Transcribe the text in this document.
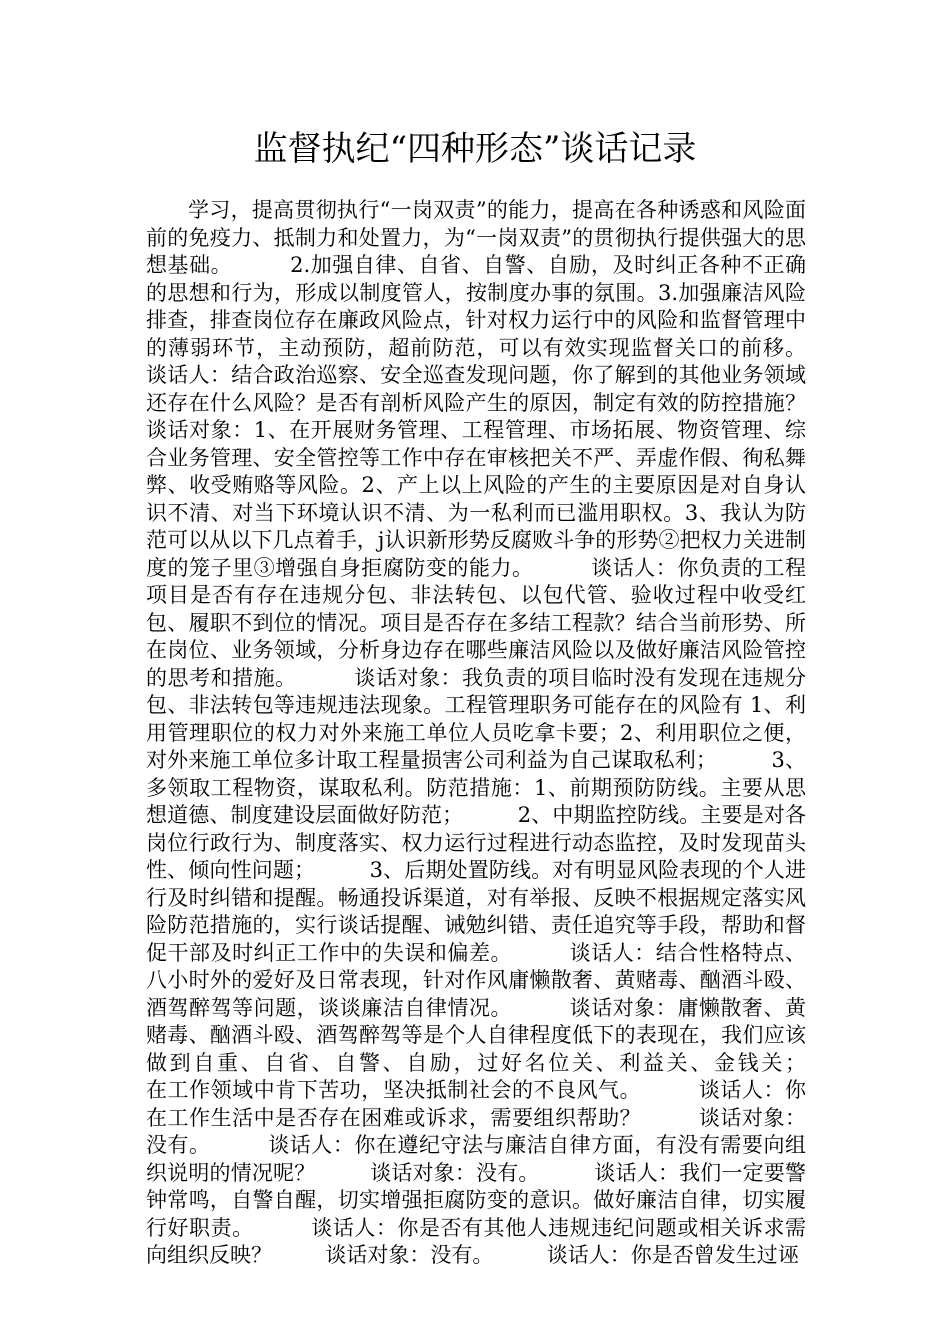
监督执纪“四种形态”谈话记录

学习，提高贯彻执行“一岗双责”的能力，提高在各种诱惑和风险面前的免疫力、抵制力和处置力，为“一岗双责”的贯彻执行提供强大的思想基础。        2.加强自律、自省、自警、自励，及时纠正各种不正确的思想和行为，形成以制度管人，按制度办事的氛围。3.加强廉洁风险排查，排查岗位存在廉政风险点，针对权力运行中的风险和监督管理中的薄弱环节，主动预防，超前防范，可以有效实现监督关口的前移。        谈话人：结合政治巡察、安全巡查发现问题，你了解到的其他业务领域还存在什么风险？是否有剖析风险产生的原因，制定有效的防控措施？        谈话对象：1、在开展财务管理、工程管理、市场拓展、物资管理、综合业务管理、安全管控等工作中存在审核把关不严、弄虚作假、徇私舞弊、收受贿赂等风险。2、产上以上风险的产生的主要原因是对自身认识不清、对当下环境认识不清、为一私利而已滥用职权。3、我认为防范可以从以下几点着手，j认识新形势反腐败斗争的形势②把权力关进制度的笼子里③增强自身拒腐防变的能力。        谈话人：你负责的工程项目是否有存在违规分包、非法转包、以包代管、验收过程中收受红包、履职不到位的情况。项目是否存在多结工程款？结合当前形势、所在岗位、业务领域，分析身边存在哪些廉洁风险以及做好廉洁风险管控的思考和措施。        谈话对象：我负责的项目临时没有发现在违规分包、非法转包等违规违法现象。工程管理职务可能存在的风险有 1、利用管理职位的权力对外来施工单位人员吃拿卡要；2、利用职位之便，对外来施工单位多计取工程量损害公司利益为自己谋取私利；        3、多领取工程物资，谋取私利。防范措施：1、前期预防防线。主要从思想道德、制度建设层面做好防范；        2、中期监控防线。主要是对各岗位行政行为、制度落实、权力运行过程进行动态监控，及时发现苗头性、倾向性问题；        3、后期处置防线。对有明显风险表现的个人进行及时纠错和提醒。畅通投诉渠道，对有举报、反映不根据规定落实风险防范措施的，实行谈话提醒、诫勉纠错、责任追究等手段，帮助和督促干部及时纠正工作中的失误和偏差。        谈话人：结合性格特点、八小时外的爱好及日常表现，针对作风庸懒散奢、黄赌毒、酗酒斗殴、酒驾醉驾等问题，谈谈廉洁自律情况。        谈话对象：庸懒散奢、黄赌毒、酗酒斗殴、酒驾醉驾等是个人自律程度低下的表现在，我们应该做到自重、自省、自警、自励，过好名位关、利益关、金钱关；        在工作领域中肯下苦功，坚决抵制社会的不良风气。        谈话人：你在工作生活中是否存在困难或诉求，需要组织帮助？        谈话对象：没有。        谈话人：你在遵纪守法与廉洁自律方面，有没有需要向组织说明的情况呢？        谈话对象：没有。        谈话人：我们一定要警钟常鸣，自警自醒，切实增强拒腐防变的意识。做好廉洁自律，切实履行好职责。        谈话人：你是否有其他人违规违纪问题或相关诉求需向组织反映？        谈话对象：没有。        谈话人：你是否曾发生过诬
